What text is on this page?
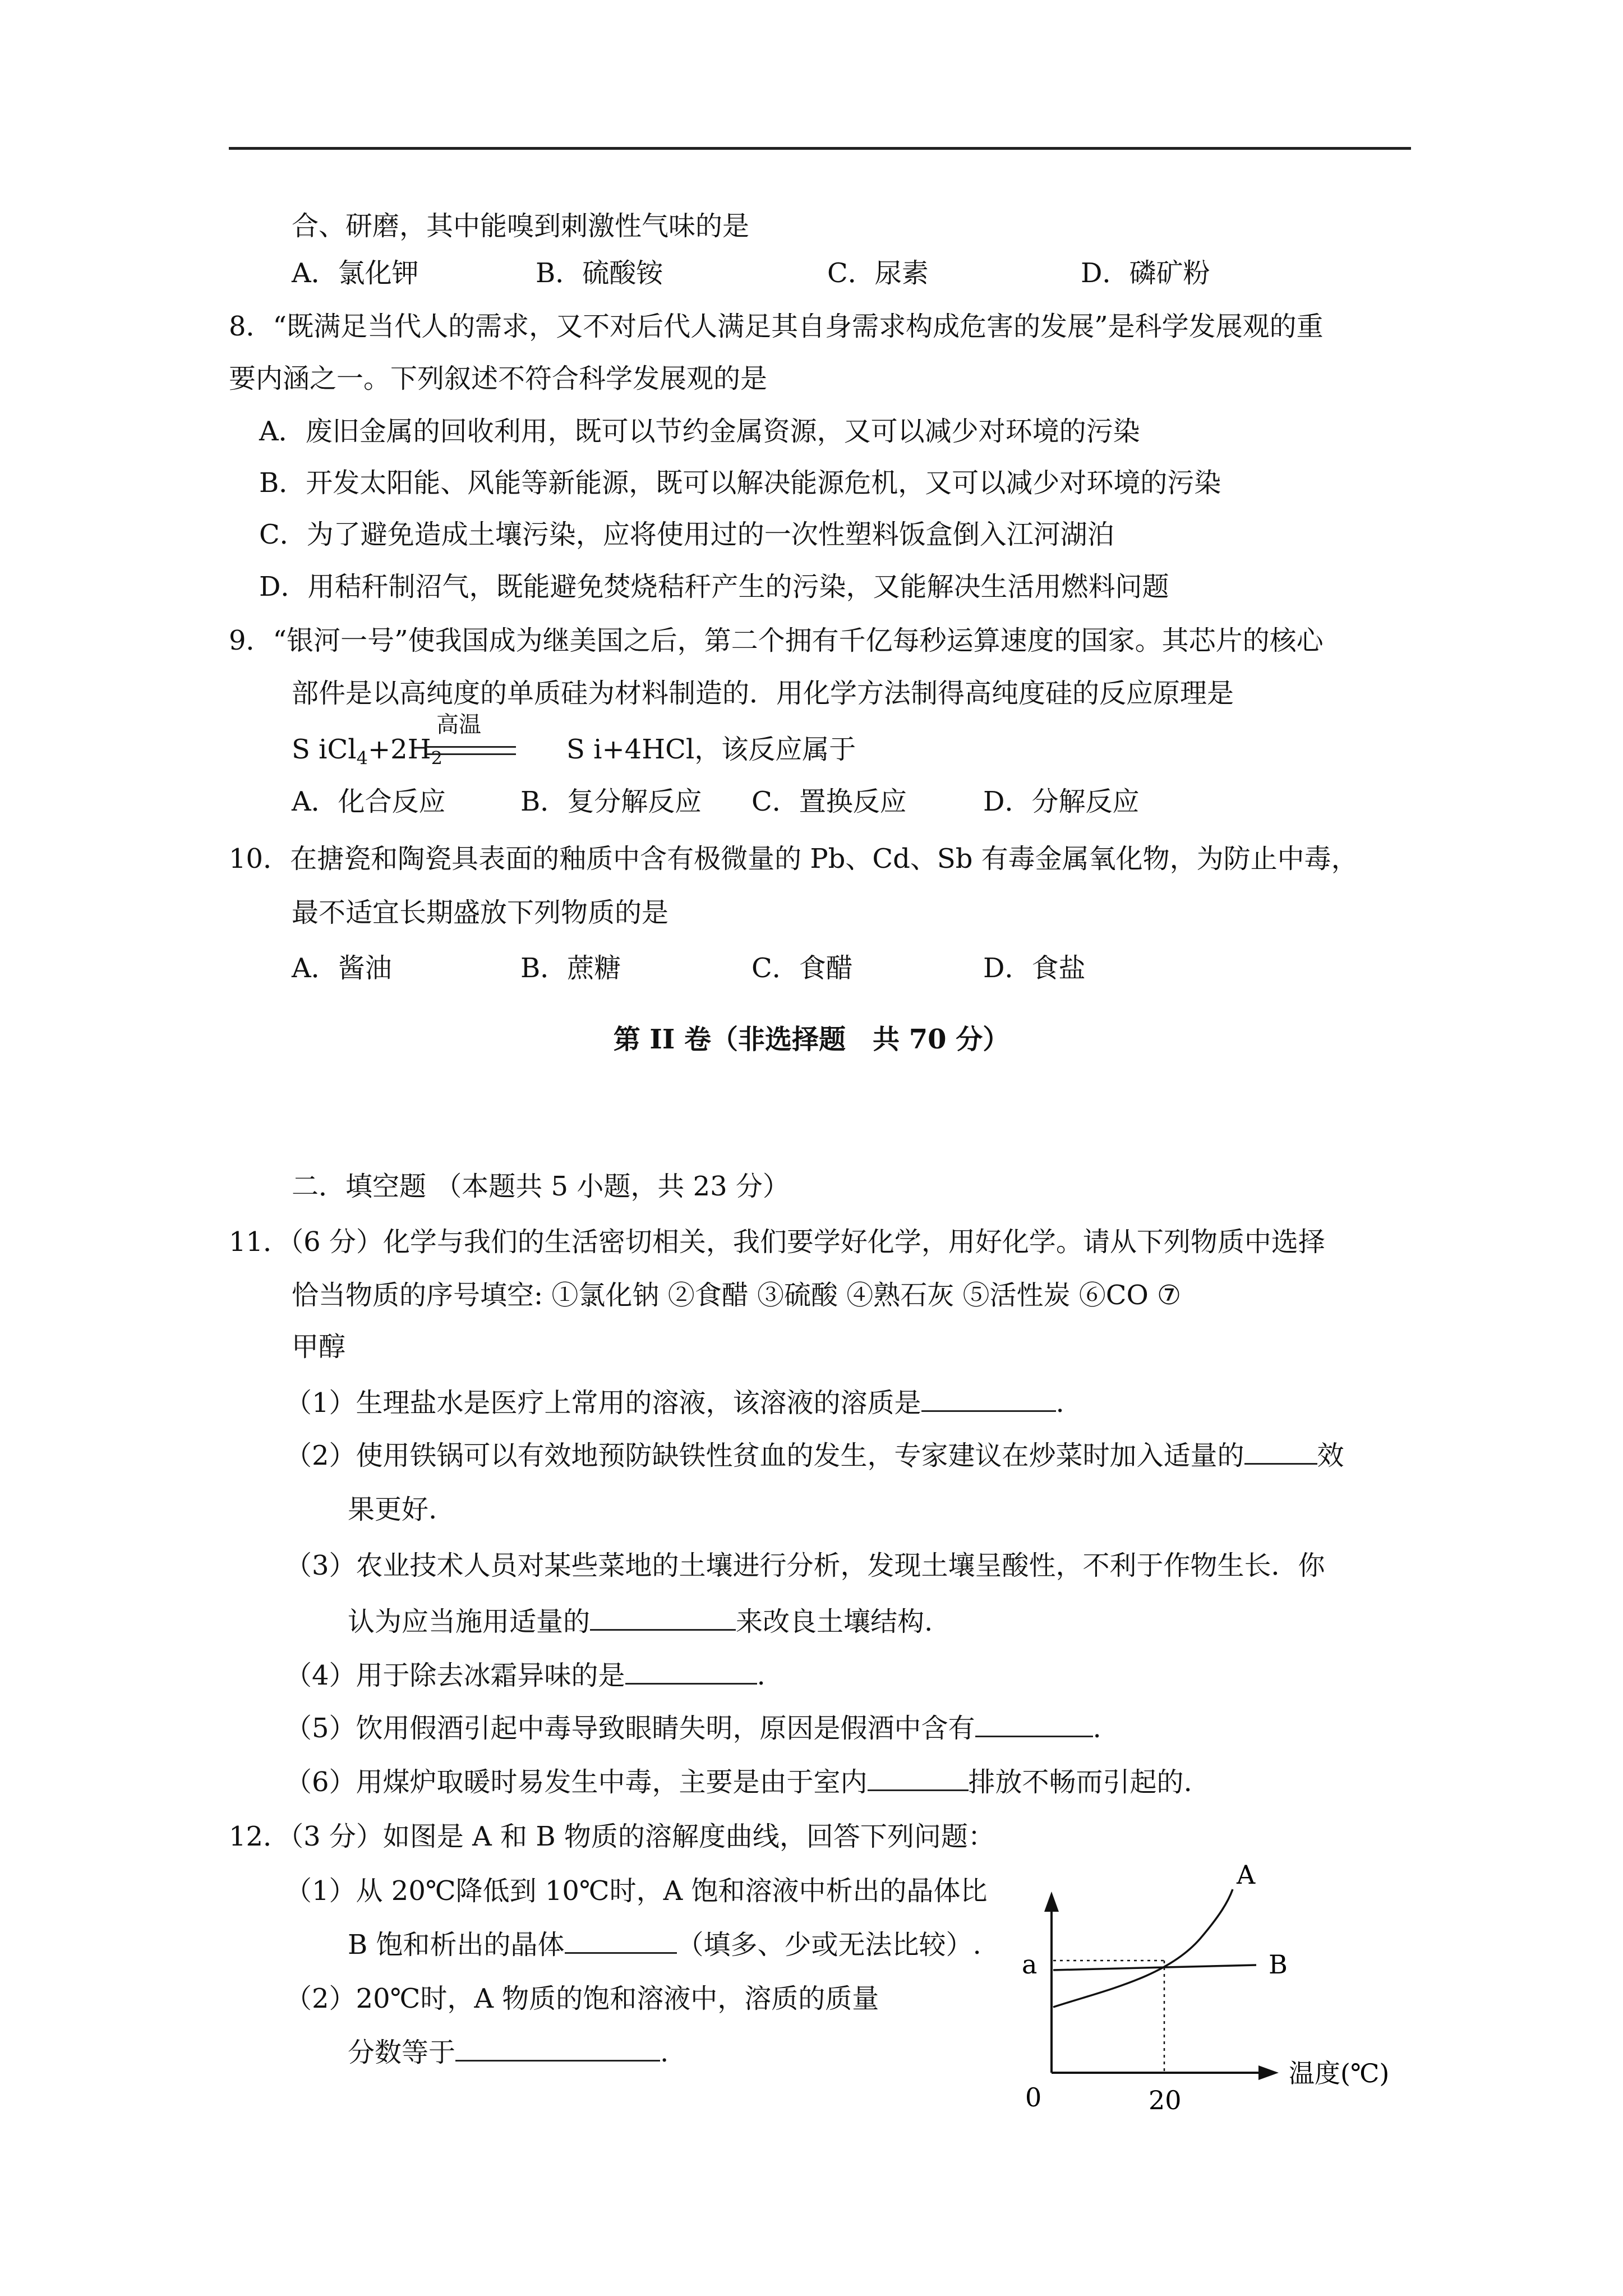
合、研磨，其中能嗅到刺激性气味的是
A．氯化钾	B．硫酸铵	C．尿素	D．磷矿粉
8．“既满足当代人的需求，又不对后代人满足其自身需求构成危害的发展”是科学发展观的重
要内涵之一。下列叙述不符合科学发展观的是
A．废旧金属的回收利用，既可以节约金属资源，又可以减少对环境的污染
B．开发太阳能、风能等新能源，既可以解决能源危机，又可以减少对环境的污染
C．为了避免造成土壤污染，应将使用过的一次性塑料饭盒倒入江河湖泊
D．用秸秆制沼气，既能避免焚烧秸秆产生的污染，又能解决生活用燃料问题
9．“银河一号”使我国成为继美国之后，第二个拥有千亿每秒运算速度的国家。其芯片的核心
部件是以高纯度的单质硅为材料制造的．用化学方法制得高纯度硅的反应原理是
S $iCl_4+2H_2$
高温
S i+4HCl，该反应属于
A．化合反应	B．复分解反应 C．置换反应	D．分解反应
10．在搪瓷和陶瓷具表面的釉质中含有极微量的 Pb、Cd、Sb 有毒金属氧化物，为防止中毒，
最不适宜长期盛放下列物质的是
A．酱油	B．蔗糖	C．食醋	D．食盐
第 II 卷（非选择题　共 70 分）
二．填空题 （本题共 5 小题，共 23 分）
11．（6 分）化学与我们的生活密切相关，我们要学好化学，用好化学。请从下列物质中选择
恰当物质的序号填空: ①氯化钠 ②食醋 ③硫酸 ④熟石灰 ⑤活性炭 ⑥CO ⑦
甲醇
（1）生理盐水是医疗上常用的溶液，该溶液的溶质是	.
（2）使用铁锅可以有效地预防缺铁性贫血的发生，专家建议在炒菜时加入适量的	效
果更好.
（3）农业技术人员对某些菜地的土壤进行分析，发现土壤呈酸性，不利于作物生长．你
认为应当施用适量的	来改良土壤结构.
（4）用于除去冰霜异味的是	.
（5）饮用假酒引起中毒导致眼睛失明，原因是假酒中含有	.
（6）用煤炉取暖时易发生中毒，主要是由于室内	排放不畅而引起的.
12．（3 分）如图是 A 和 B 物质的溶解度曲线，回答下列问题：
（1）从 20℃降低到 10℃时，A 饱和溶液中析出的晶体比
B 饱和析出的晶体	（填多、少或无法比较）.
（2）20℃时，A 物质的饱和溶液中，溶质的质量
分数等于	.
A
B
a
0	20
温度(℃)
